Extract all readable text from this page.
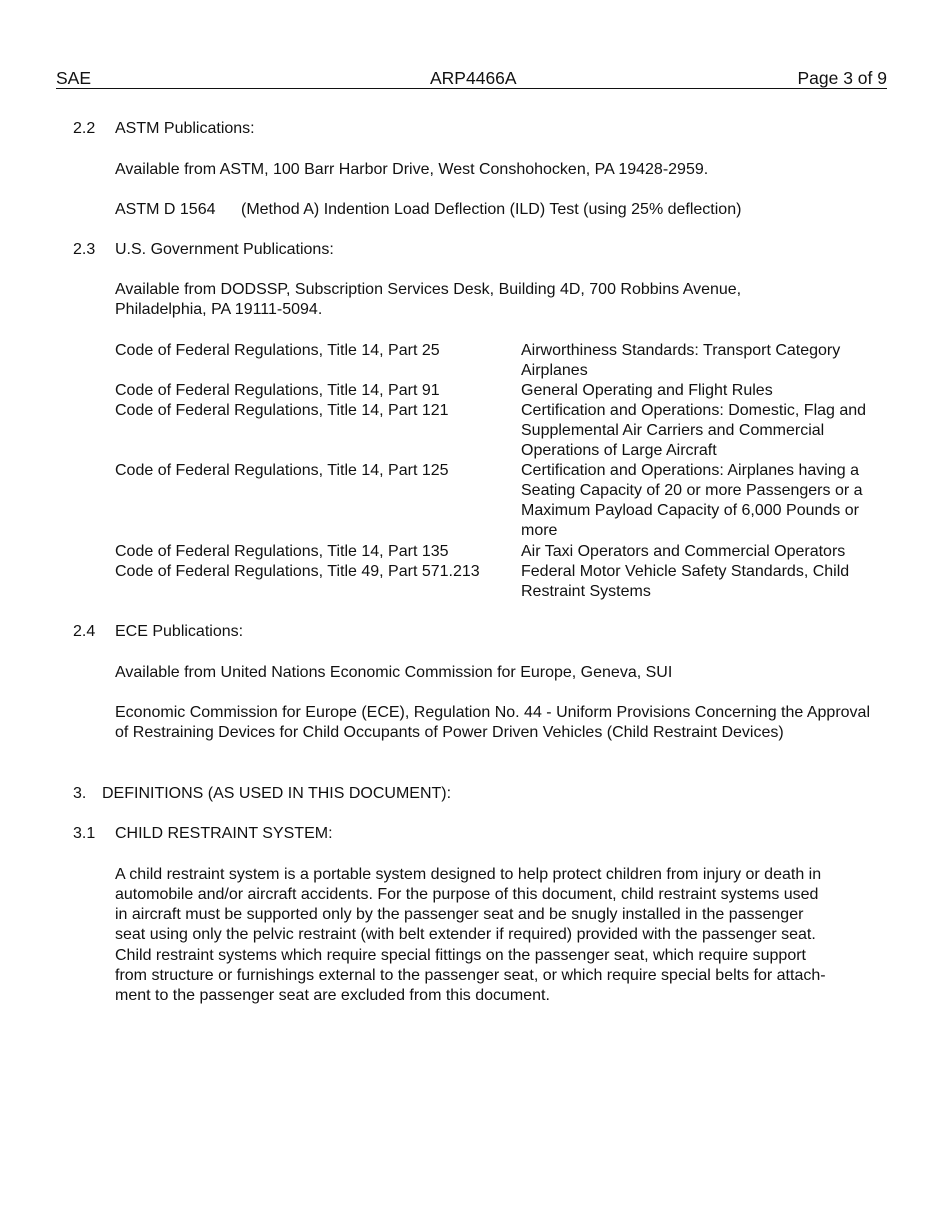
SAE	ARP4466A	Page 3 of 9
2.2 ASTM Publications:
Available from ASTM, 100 Barr Harbor Drive, West Conshohocken, PA 19428-2959.
ASTM D 1564 (Method A) Indention Load Deflection (ILD) Test (using 25% deflection)
2.3 U.S. Government Publications:
Available from DODSSP, Subscription Services Desk, Building 4D, 700 Robbins Avenue,
Philadelphia, PA 19111-5094.
Code of Federal Regulations, Title 14, Part 25	Airworthiness Standards: Transport Category Airplanes
Code of Federal Regulations, Title 14, Part 91	General Operating and Flight Rules
Code of Federal Regulations, Title 14, Part 121	Certification and Operations: Domestic, Flag and Supplemental Air Carriers and Commercial Operations of Large Aircraft
Code of Federal Regulations, Title 14, Part 125	Certification and Operations: Airplanes having a Seating Capacity of 20 or more Passengers or a Maximum Payload Capacity of 6,000 Pounds or more
Code of Federal Regulations, Title 14, Part 135	Air Taxi Operators and Commercial Operators
Code of Federal Regulations, Title 49, Part 571.213	Federal Motor Vehicle Safety Standards, Child Restraint Systems
2.4 ECE Publications:
Available from United Nations Economic Commission for Europe, Geneva, SUI
Economic Commission for Europe (ECE), Regulation No. 44 - Uniform Provisions Concerning the Approval of Restraining Devices for Child Occupants of Power Driven Vehicles (Child Restraint Devices)
3. DEFINITIONS (AS USED IN THIS DOCUMENT):
3.1 CHILD RESTRAINT SYSTEM:
A child restraint system is a portable system designed to help protect children from injury or death in
automobile and/or aircraft accidents. For the purpose of this document, child restraint systems used
in aircraft must be supported only by the passenger seat and be snugly installed in the passenger
seat using only the pelvic restraint (with belt extender if required) provided with the passenger seat.
Child restraint systems which require special fittings on the passenger seat, which require support
from structure or furnishings external to the passenger seat, or which require special belts for attach-
ment to the passenger seat are excluded from this document.
